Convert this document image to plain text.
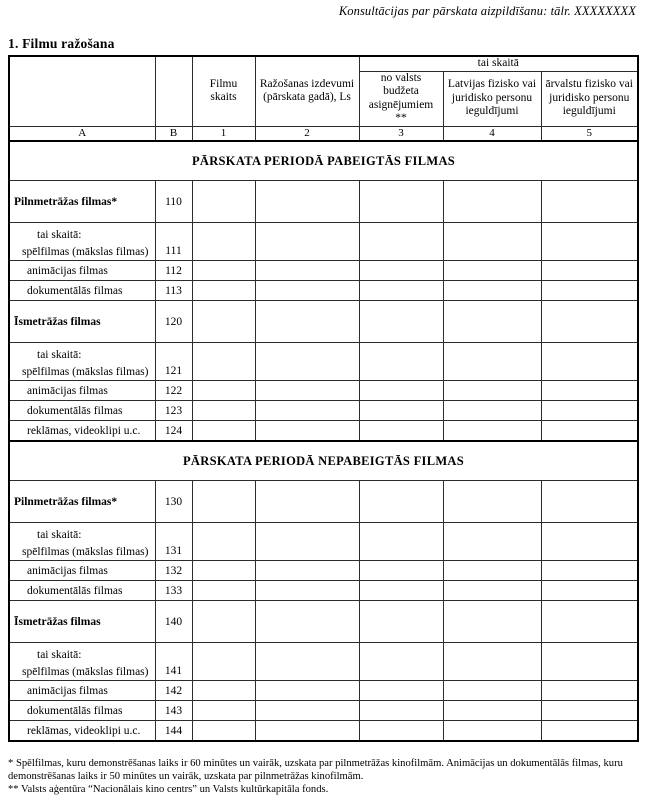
Konsultācijas par pārskata aizpildīšanu: tālr. XXXXXXXX
1. Filmu ražošana
		Filmu skaits	Ražošanas izdevumi (pārskata gadā), Ls	tai skaitā		
				no valsts budžeta asignējumiem **	Latvijas fizisko vai juridisko personu ieguldījumi	ārvalstu fizisko vai juridisko personu ieguldījumi
A	B	1	2	3	4	5
PĀRSKATA PERIODĀ PABEIGTĀS FILMAS						
Pilnmetrāžas filmas*	110					

tai skaitā:
spēlfilmas (mākslas filmas)	111					
animācijas filmas	112					
dokumentālās filmas	113					
Īsmetrāžas filmas	120					

tai skaitā:
spēlfilmas (mākslas filmas)	121					
animācijas filmas	122					
dokumentālās filmas	123					
reklāmas, videoklipi u.c.	124					
PĀRSKATA PERIODĀ NEPABEIGTĀS FILMAS						
Pilnmetrāžas filmas*	130					

tai skaitā:
spēlfilmas (mākslas filmas)	131					
animācijas filmas	132					
dokumentālās filmas	133					
Īsmetrāžas filmas	140					

tai skaitā:
spēlfilmas (mākslas filmas)	141					
animācijas filmas	142					
dokumentālās filmas	143					
reklāmas, videoklipi u.c.	144					

* Spēlfilmas, kuru demonstrēšanas laiks ir 60 minūtes un vairāk, uzskata par pilnmetrāžas kinofilmām. Animācijas un dokumentālās filmas, kuru demonstrēšanas laiks ir 50 minūtes un vairāk, uzskata par pilnmetrāžas kinofilmām.

** Valsts aģentūra “Nacionālais kino centrs” un Valsts kultūrkapitāla fonds.
